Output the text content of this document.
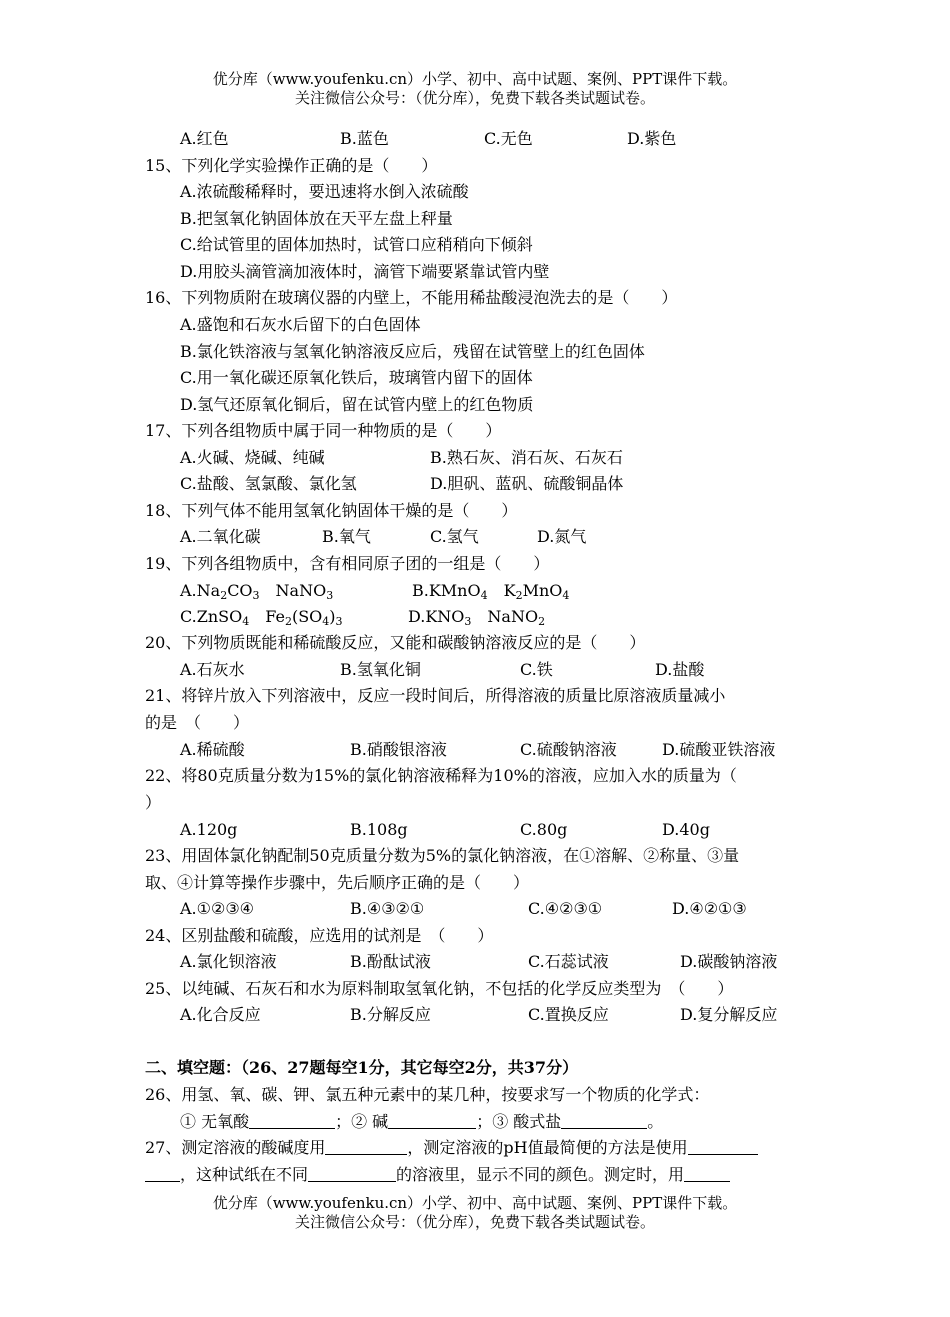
优分库（www.youfenku.cn）小学、初中、高中试题、案例、PPT课件下载。
关注微信公众号：（优分库），免费下载各类试题试卷。
A.红色	B.蓝色	C.无色	D.紫色
15、下列化学实验操作正确的是（　　）
A.浓硫酸稀释时，要迅速将水倒入浓硫酸
B.把氢氧化钠固体放在天平左盘上秤量
C.给试管里的固体加热时，试管口应稍稍向下倾斜
D.用胶头滴管滴加液体时，滴管下端要紧靠试管内壁
16、下列物质附在玻璃仪器的内壁上，不能用稀盐酸浸泡洗去的是（　　）
A.盛饱和石灰水后留下的白色固体
B.氯化铁溶液与氢氧化钠溶液反应后，残留在试管壁上的红色固体
C.用一氧化碳还原氧化铁后，玻璃管内留下的固体
D.氢气还原氧化铜后，留在试管内壁上的红色物质
17、下列各组物质中属于同一种物质的是（　　）
A.火碱、烧碱、纯碱	B.熟石灰、消石灰、石灰石
C.盐酸、氢氯酸、氯化氢	D.胆矾、蓝矾、硫酸铜晶体
18、下列气体不能用氢氧化钠固体干燥的是（　　）
A.二氧化碳	B.氧气	C.氢气	D.氮气
19、下列各组物质中，含有相同原子团的一组是（　　）
$A.Na_2CO_3$　NaNO$_3$	B.KMnO$_4$　$K_2MnO_4$
C.ZnSO$_4$　$Fe_2(SO_4)_3$	$D.KNO_3$　NaNO$_2$
20、下列物质既能和稀硫酸反应，又能和碳酸钠溶液反应的是（　　）
A.石灰水	B.氢氧化铜	C.铁	D.盐酸
21、将锌片放入下列溶液中，反应一段时间后，所得溶液的质量比原溶液质量减小
的是　（　　）
A.稀硫酸	B.硝酸银溶液	C.硫酸钠溶液	D.硫酸亚铁溶液
22、将80克质量分数为15%的氯化钠溶液稀释为10%的溶液，应加入水的质量为（
）
A.120g	B.108g	C.80g	D.40g
23、用固体氯化钠配制50克质量分数为5%的氯化钠溶液，在①溶解、②称量、③量
取、④计算等操作步骤中，先后顺序正确的是（　　）
A.①②③④	B.④③②①	C.④②③①	D.④②①③
24、区别盐酸和硫酸，应选用的试剂是　（　　）
A.氯化钡溶液	B.酚酞试液	C.石蕊试液	D.碳酸钠溶液
25、以纯碱、石灰石和水为原料制取氢氧化钠，不包括的化学反应类型为　（　　）
A.化合反应	B.分解反应	C.置换反应	D.复分解反应
二、填空题：（26、27题每空1分，其它每空2分，共37分）
26、用氢、氧、碳、钾、氯五种元素中的某几种，按要求写一个物质的化学式：
① 无氧酸	；② 碱	；③ 酸式盐	。
27、测定溶液的酸碱度用	，测定溶液的pH值最简便的方法是使用
，这种试纸在不同	的溶液里，显示不同的颜色。测定时，用
优分库（www.youfenku.cn）小学、初中、高中试题、案例、PPT课件下载。
关注微信公众号：（优分库），免费下载各类试题试卷。
